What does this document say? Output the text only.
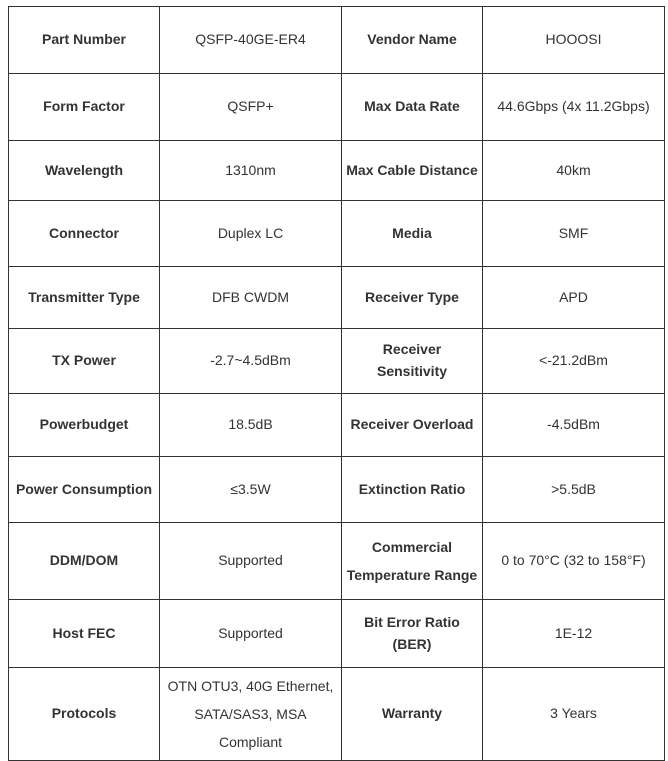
Part Number	QSFP-40GE-ER4	Vendor Name	HOOOSI
Form Factor	QSFP+	Max Data Rate	44.6Gbps (4x 11.2Gbps)
Wavelength	1310nm	Max Cable Distance	40km
Connector	Duplex LC	Media	SMF
Transmitter Type	DFB CWDM	Receiver Type	APD
TX Power	-2.7~4.5dBm	Receiver Sensitivity	<-21.2dBm
Powerbudget	18.5dB	Receiver Overload	-4.5dBm
Power Consumption	≤3.5W	Extinction Ratio	>5.5dB
DDM/DOM	Supported	Commercial Temperature Range	0 to 70°C (32 to 158°F)
Host FEC	Supported	Bit Error Ratio (BER)	1E-12
Protocols	OTN OTU3, 40G Ethernet, SATA/SAS3, MSA Compliant	Warranty	3 Years
